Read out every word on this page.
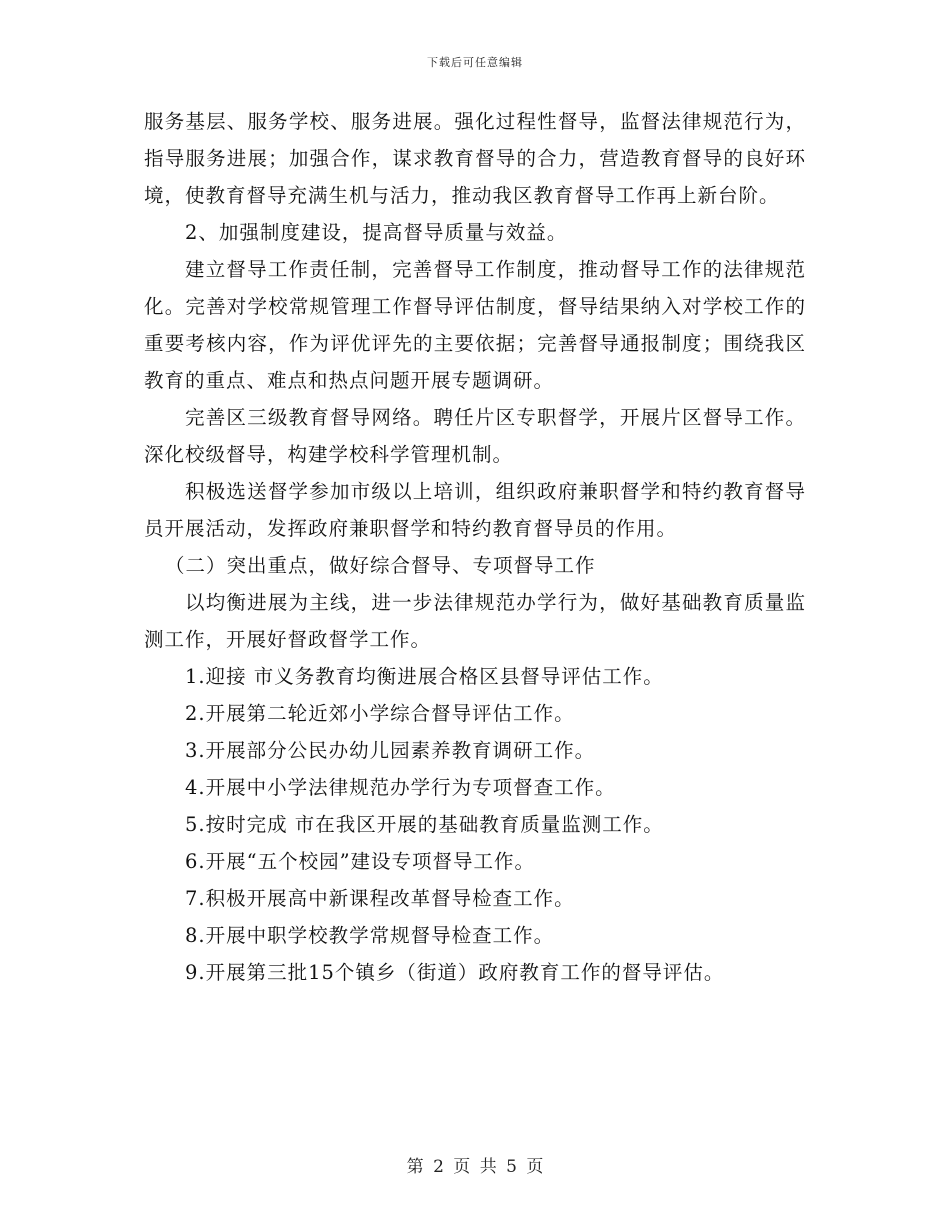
下载后可任意编辑

服务基层、服务学校、服务进展。强化过程性督导，监督法律规范行为，指导服务进展；加强合作，谋求教育督导的合力，营造教育督导的良好环境，使教育督导充满生机与活力，推动我区教育督导工作再上新台阶。

2、加强制度建设，提高督导质量与效益。

建立督导工作责任制，完善督导工作制度，推动督导工作的法律规范化。完善对学校常规管理工作督导评估制度，督导结果纳入对学校工作的重要考核内容，作为评优评先的主要依据；完善督导通报制度；围绕我区教育的重点、难点和热点问题开展专题调研。

完善区三级教育督导网络。聘任片区专职督学，开展片区督导工作。深化校级督导，构建学校科学管理机制。

积极选送督学参加市级以上培训，组织政府兼职督学和特约教育督导员开展活动，发挥政府兼职督学和特约教育督导员的作用。

（二）突出重点，做好综合督导、专项督导工作

以均衡进展为主线，进一步法律规范办学行为，做好基础教育质量监测工作，开展好督政督学工作。

1.迎接 市义务教育均衡进展合格区县督导评估工作。

2.开展第二轮近郊小学综合督导评估工作。

3.开展部分公民办幼儿园素养教育调研工作。

4.开展中小学法律规范办学行为专项督查工作。

5.按时完成 市在我区开展的基础教育质量监测工作。

6.开展“五个校园”建设专项督导工作。

7.积极开展高中新课程改革督导检查工作。

8.开展中职学校教学常规督导检查工作。

9.开展第三批15个镇乡（街道）政府教育工作的督导评估。

第 2 页 共 5 页
